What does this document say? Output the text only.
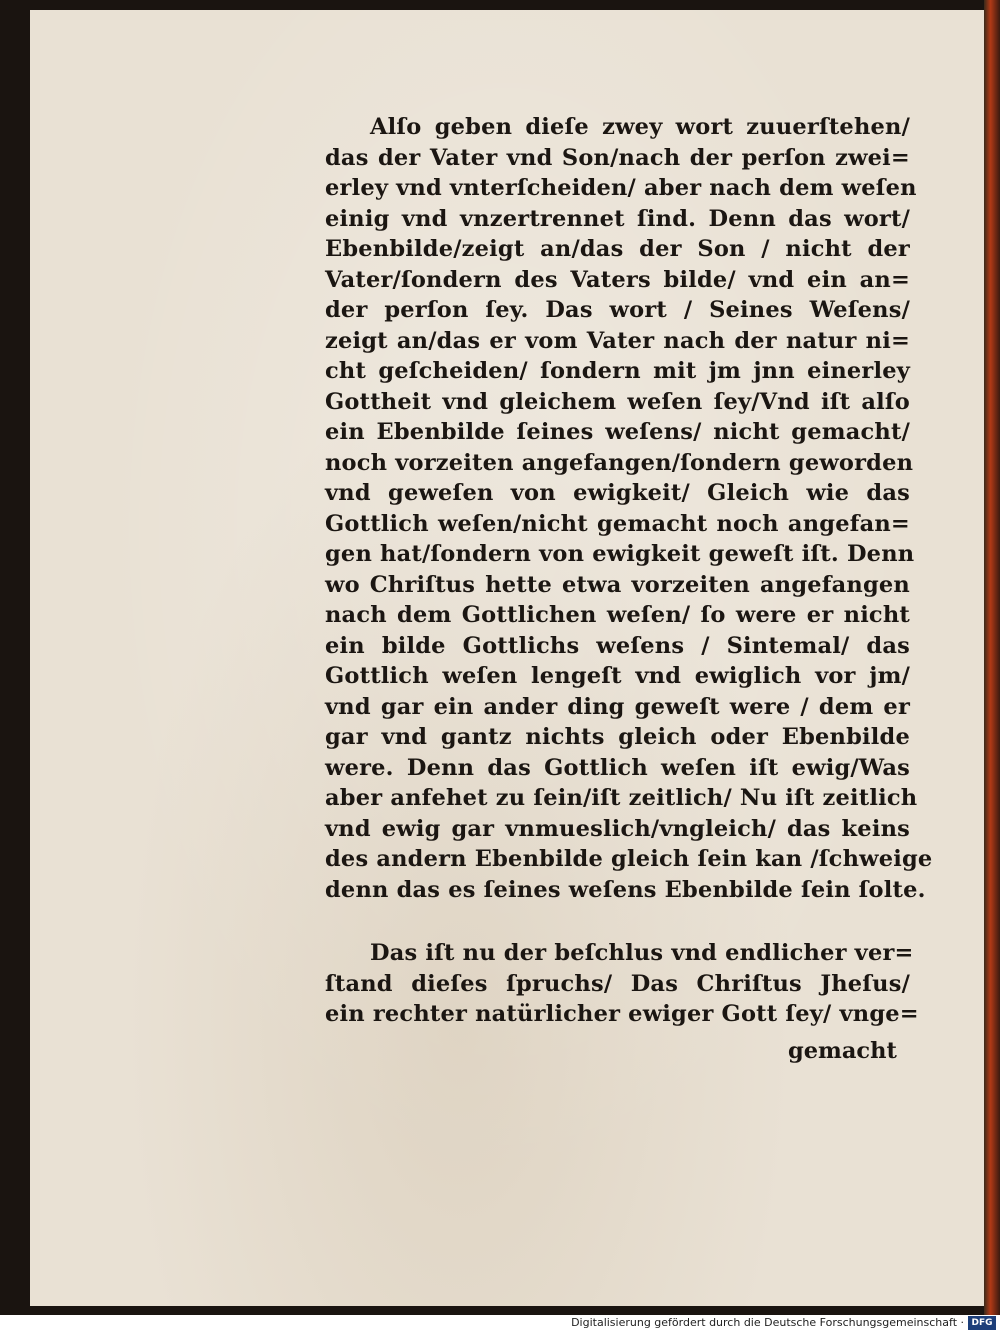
Alſo geben dieſe zwey wort zuuerſtehen/
das der Vater vnd Son/nach der perſon zwei=
erley vnd vnterſcheiden/ aber nach dem weſen
einig vnd vnzertrennet ſind. Denn das wort/
Ebenbilde/zeigt an/das der Son / nicht der
Vater/ſondern des Vaters bilde/ vnd ein an=
der perſon ſey. Das wort / Seines Weſens/
zeigt an/das er vom Vater nach der natur ni=
cht geſcheiden/ ſondern mit jm jnn einerley
Gottheit vnd gleichem weſen ſey/Vnd iſt alſo
ein Ebenbilde ſeines weſens/ nicht gemacht/
noch vorzeiten angefangen/ſondern geworden
vnd geweſen von ewigkeit/ Gleich wie das
Gottlich weſen/nicht gemacht noch angefan=
gen hat/ſondern von ewigkeit geweſt iſt. Denn
wo Chriſtus hette etwa vorzeiten angefangen
nach dem Gottlichen weſen/ ſo were er nicht
ein bilde Gottlichs weſens / Sintemal/ das
Gottlich weſen lengeſt vnd ewiglich vor jm/
vnd gar ein ander ding geweſt were / dem er
gar vnd gantz nichts gleich oder Ebenbilde
were. Denn das Gottlich weſen iſt ewig/Was
aber anfehet zu ſein/iſt zeitlich/ Nu iſt zeitlich
vnd ewig gar vnmueslich/vngleich/ das keins
des andern Ebenbilde gleich ſein kan /ſchweige
denn das es ſeines weſens Ebenbilde ſein ſolte.
Das iſt nu der beſchlus vnd endlicher ver=
ſtand dieſes ſpruchs/ Das Chriſtus Jheſus/
ein rechter natürlicher ewiger Gott ſey/ vnge=
gemacht
Digitalisierung gefördert durch die Deutsche Forschungsgemeinschaft · DFG
